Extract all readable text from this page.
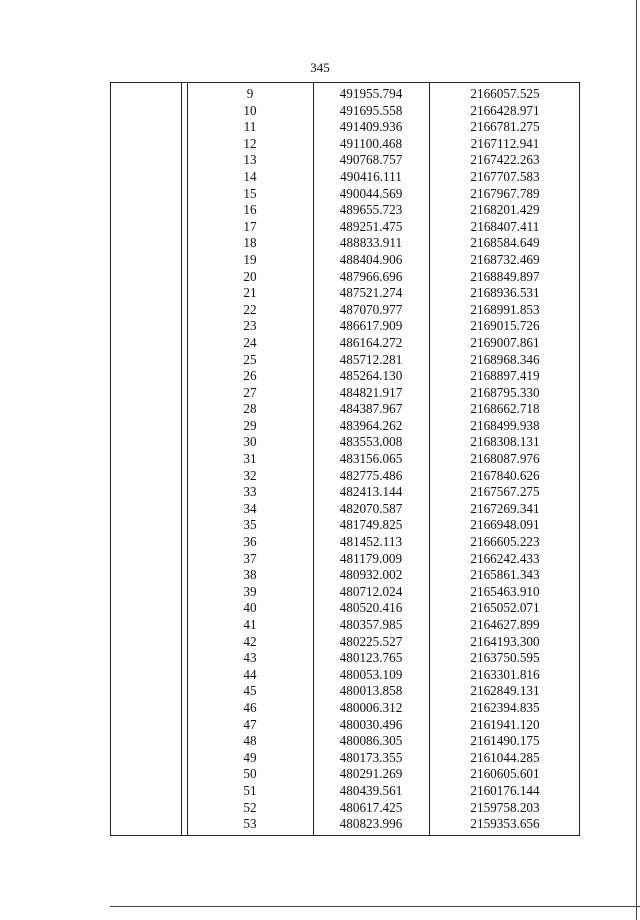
345
9	491955.794	2166057.525
10	491695.558	2166428.971
11	491409.936	2166781.275
12	491100.468	2167112.941
13	490768.757	2167422.263
14	490416.111	2167707.583
15	490044.569	2167967.789
16	489655.723	2168201.429
17	489251.475	2168407.411
18	488833.911	2168584.649
19	488404.906	2168732.469
20	487966.696	2168849.897
21	487521.274	2168936.531
22	487070.977	2168991.853
23	486617.909	2169015.726
24	486164.272	2169007.861
25	485712.281	2168968.346
26	485264.130	2168897.419
27	484821.917	2168795.330
28	484387.967	2168662.718
29	483964.262	2168499.938
30	483553.008	2168308.131
31	483156.065	2168087.976
32	482775.486	2167840.626
33	482413.144	2167567.275
34	482070.587	2167269.341
35	481749.825	2166948.091
36	481452.113	2166605.223
37	481179.009	2166242.433
38	480932.002	2165861.343
39	480712.024	2165463.910
40	480520.416	2165052.071
41	480357.985	2164627.899
42	480225.527	2164193.300
43	480123.765	2163750.595
44	480053.109	2163301.816
45	480013.858	2162849.131
46	480006.312	2162394.835
47	480030.496	2161941.120
48	480086.305	2161490.175
49	480173.355	2161044.285
50	480291.269	2160605.601
51	480439.561	2160176.144
52	480617.425	2159758.203
53	480823.996	2159353.656
